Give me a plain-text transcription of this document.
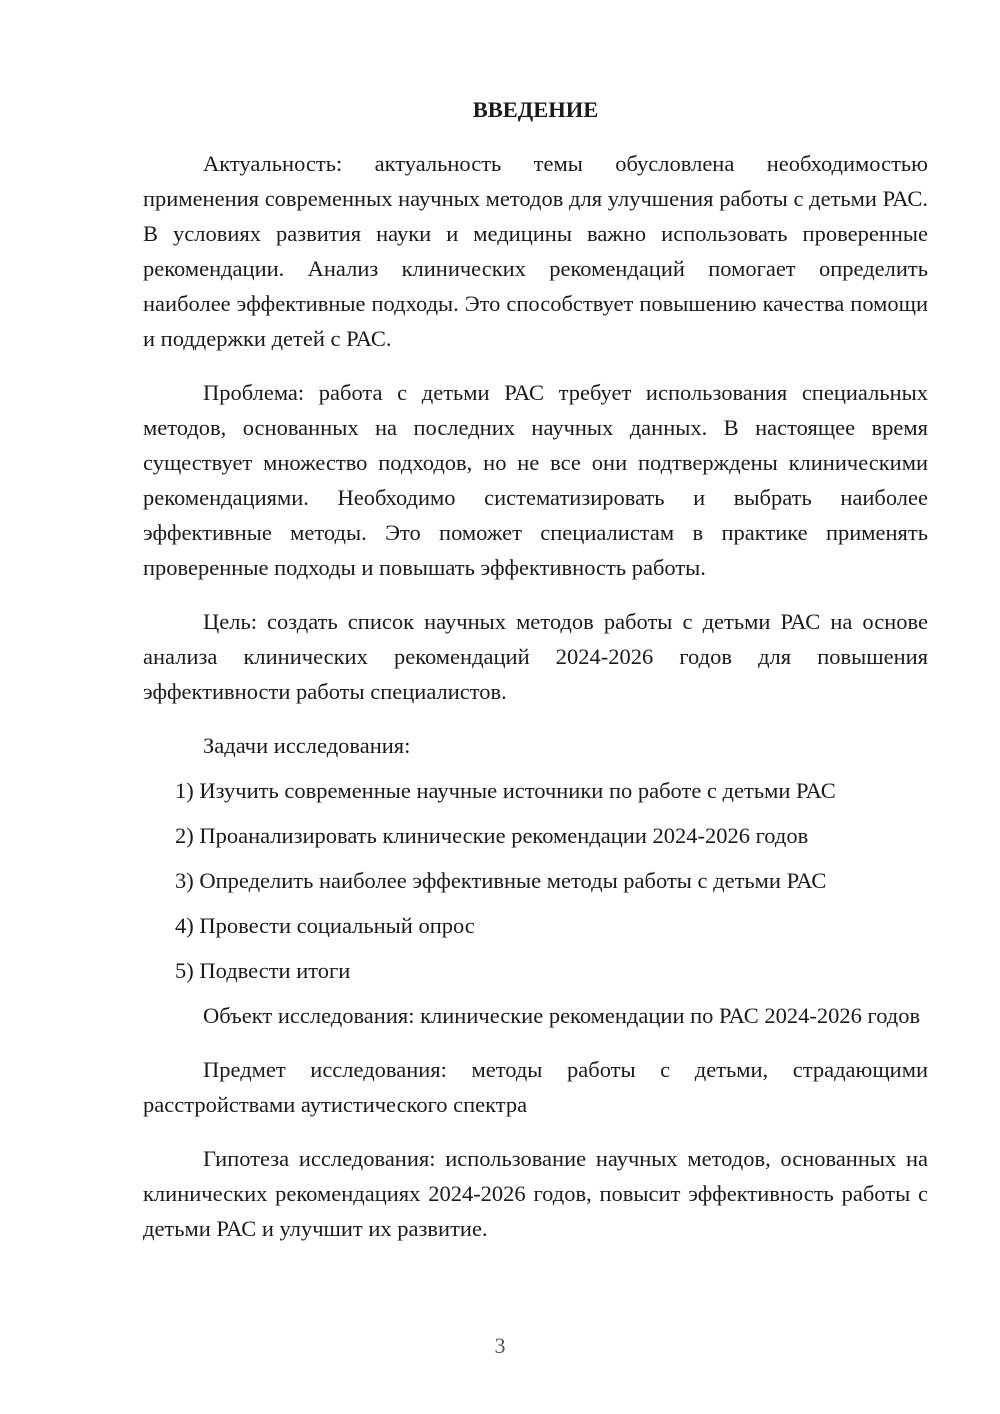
ВВЕДЕНИЕ

Актуальность: актуальность темы обусловлена необходимостью применения современных научных методов для улучшения работы с детьми РАС. В условиях развития науки и медицины важно использовать проверенные рекомендации. Анализ клинических рекомендаций помогает определить наиболее эффективные подходы. Это способствует повышению качества помощи и поддержки детей с РАС.

Проблема: работа с детьми РАС требует использования специальных методов, основанных на последних научных данных. В настоящее время существует множество подходов, но не все они подтверждены клиническими рекомендациями. Необходимо систематизировать и выбрать наиболее эффективные методы. Это поможет специалистам в практике применять проверенные подходы и повышать эффективность работы.

Цель: создать список научных методов работы с детьми РАС на основе анализа клинических рекомендаций 2024-2026 годов для повышения эффективности работы специалистов.

Задачи исследования:

1) Изучить современные научные источники по работе с детьми РАС
2) Проанализировать клинические рекомендации 2024-2026 годов
3) Определить наиболее эффективные методы работы с детьми РАС
4) Провести социальный опрос
5) Подвести итоги

Объект исследования: клинические рекомендации по РАС 2024-2026 годов

Предмет исследования: методы работы с детьми, страдающими расстройствами аутистического спектра

Гипотеза исследования: использование научных методов, основанных на клинических рекомендациях 2024-2026 годов, повысит эффективность работы с детьми РАС и улучшит их развитие.

3
